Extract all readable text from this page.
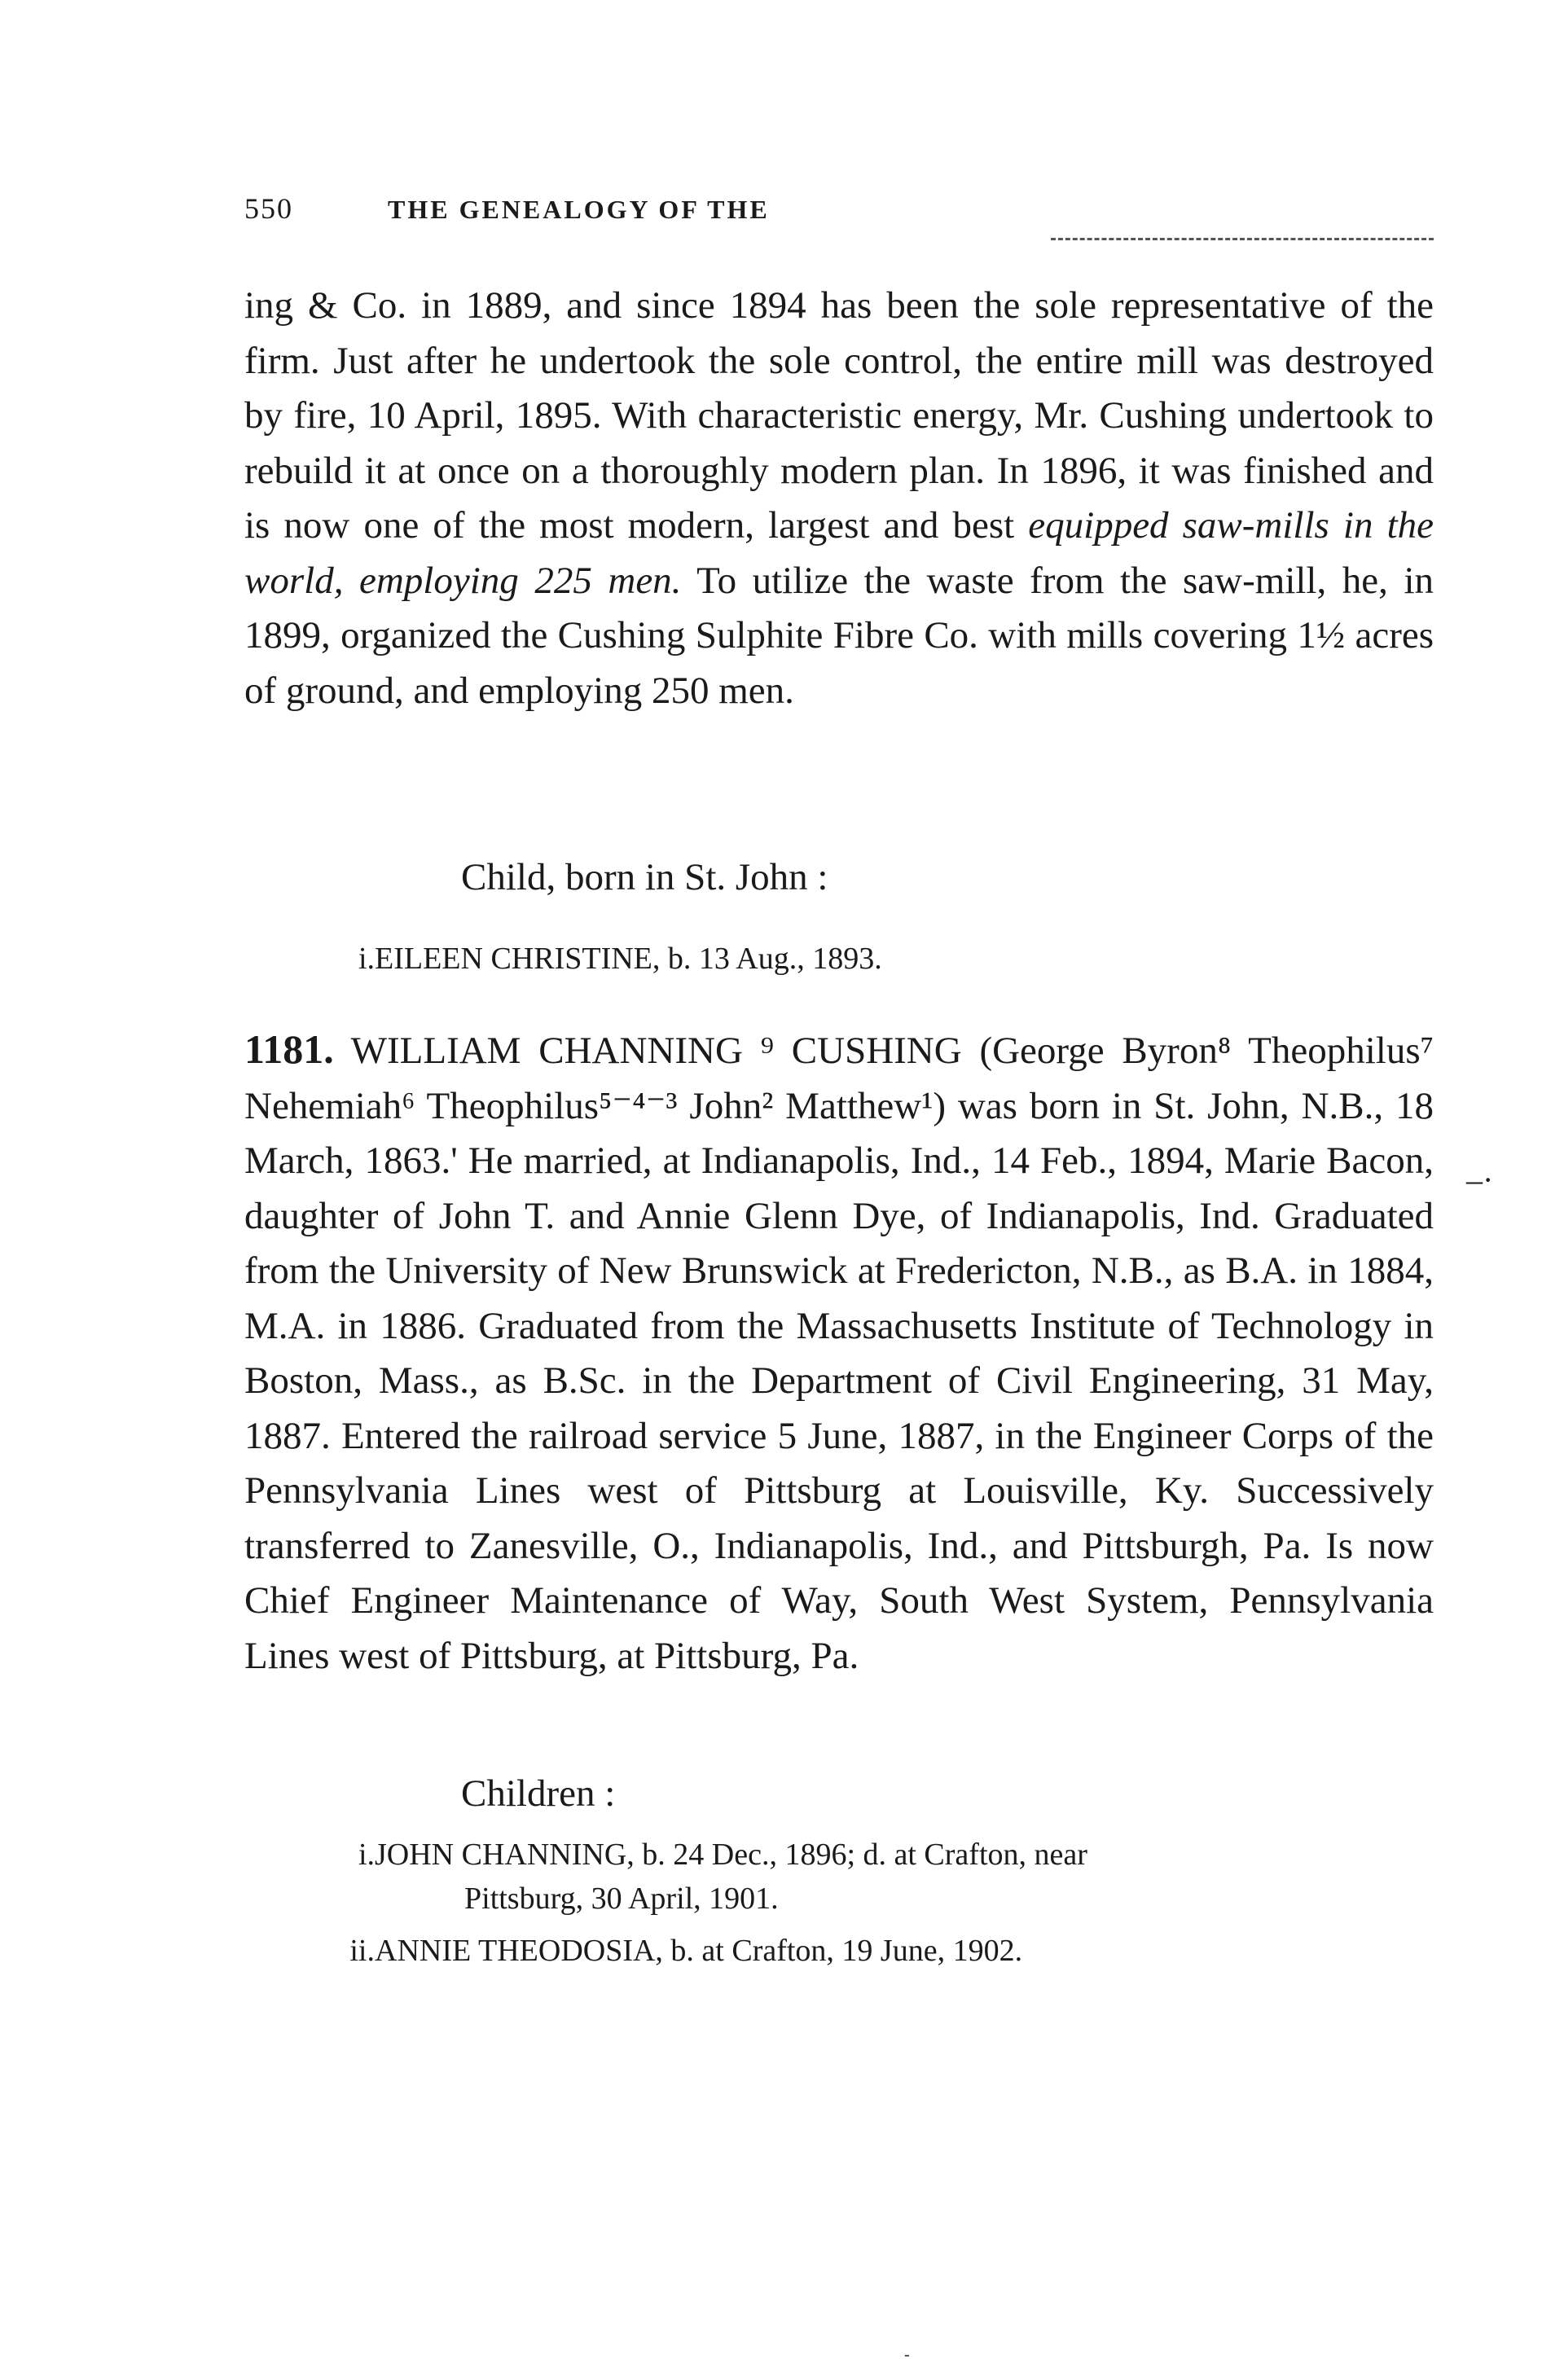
550	THE GENEALOGY OF THE
ing & Co. in 1889, and since 1894 has been the sole representative of the firm. Just after he undertook the sole control, the entire mill was destroyed by fire, 10 April, 1895. With characteristic energy, Mr. Cushing undertook to rebuild it at once on a thoroughly modern plan. In 1896, it was finished and is now one of the most modern, largest and best equipped saw-mills in the world, employing 225 men. To utilize the waste from the saw-mill, he, in 1899, organized the Cushing Sulphite Fibre Co. with mills covering 1½ acres of ground, and employing 250 men.
Child, born in St. John :
i. EILEEN CHRISTINE, b. 13 Aug., 1893.
1181. WILLIAM CHANNING ⁹ CUSHING (George Byron⁸ Theophilus⁷ Nehemiah⁶ Theophilus⁵⁻⁴⁻³ John² Matthew¹) was born in St. John, N.B., 18 March, 1863.' He married, at Indianapolis, Ind., 14 Feb., 1894, Marie Bacon, daughter of John T. and Annie Glenn Dye, of Indianapolis, Ind. Graduated from the University of New Brunswick at Fredericton, N.B., as B.A. in 1884, M.A. in 1886. Graduated from the Massachusetts Institute of Technology in Boston, Mass., as B.Sc. in the Department of Civil Engineering, 31 May, 1887. Entered the railroad service 5 June, 1887, in the Engineer Corps of the Pennsylvania Lines west of Pittsburg at Louisville, Ky. Successively transferred to Zanesville, O., Indianapolis, Ind., and Pittsburgh, Pa. Is now Chief Engineer Maintenance of Way, South West System, Pennsylvania Lines west of Pittsburg, at Pittsburg, Pa.
–·
Children :
i. JOHN CHANNING, b. 24 Dec., 1896; d. at Crafton, near
Pittsburg, 30 April, 1901.
ii. ANNIE THEODOSIA, b. at Crafton, 19 June, 1902.
-
